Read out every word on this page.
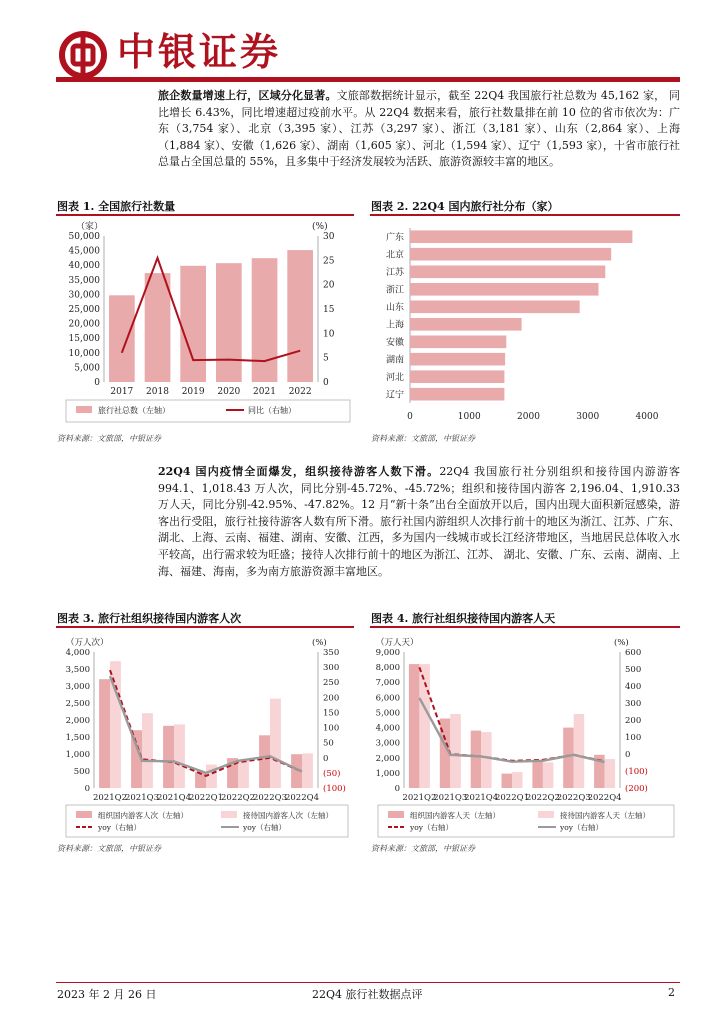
中银证券
旅企数量增速上行，区域分化显著。文旅部数据统计显示，截至 22Q4 我国旅行社总数为 45,162 家， 同比增长 6.43%，同比增速超过疫前水平。从 22Q4 数据来看，旅行社数量排在前 10 位的省市依次为：广东（3,754 家）、北京（3,395 家）、江苏（3,297 家）、浙江（3,181 家）、山东（2,864 家）、上海（1,884 家）、安徽（1,626 家）、湖南（1,605 家）、河北（1,594 家）、辽宁（1,593 家），十省市旅行社总量占全国总量的 55%，且多集中于经济发展较为活跃、旅游资源较丰富的地区。
图表 1. 全国旅行社数量
50,000
45,000
40,000
35,000
30,000
25,000
20,000
15,000
10,000
5,000
0
30
25
20
15
10
5
0
（家）	(%)
2017 2018 2019 2020 2021 2022
旅行社总数（左轴）	同比（右轴）
资料来源：文旅部，中银证券
图表 2. 22Q4 国内旅行社分布（家）
广东
北京
江苏
浙江
山东
上海
安徽
湖南
河北
辽宁
0	1000	2000	3000	4000
资料来源：文旅部，中银证券
22Q4 国内疫情全面爆发，组织接待游客人数下滑。22Q4 我国旅行社分别组织和接待国内游游客 994.1、1,018.43 万人次，同比分别-45.72%、-45.72%；组织和接待国内游客 2,196.04、1,910.33 万人天，同比分别-42.95%、-47.82%。12 月“新十条”出台全面放开以后，国内出现大面积新冠感染，游客出行受阻，旅行社接待游客人数有所下滑。旅行社国内游组织人次排行前十的地区为浙江、江苏、广东、湖北、上海、云南、福建、湖南、安徽、江西，多为国内一线城市或长江经济带地区，当地居民总体收入水平较高，出行需求较为旺盛；接待人次排行前十的地区为浙江、江苏、 湖北、安徽、广东、云南、湖南、上海、福建、海南，多为南方旅游资源丰富地区。
图表 3. 旅行社组织接待国内游客人次
4,000
3,500
3,000
2,500
2,000
1,500
1,000
500
0
350
300
250
200
150
100
50
0
(50)
(100)
（万人次）	(%)
2021Q2
2021Q3
2021Q4
2022Q1
2022Q2
2022Q3
2022Q4
组织国内游客人次（左轴）	接待国内游客人次（左轴）
yoy（右轴）	yoy（右轴）
资料来源：文旅部，中银证券
图表 4. 旅行社组织接待国内游客人天
9,000
8,000
7,000
6,000
5,000
4,000
3,000
2,000
1,000
0
600
500
400
300
200
100
0
(100)
(200)
（万人天）	(%)
2021Q2
2021Q3
2021Q4
2022Q1
2022Q2
2022Q3
2022Q4
组织国内游客人天（左轴）	接待国内游客人天（左轴）
yoy（右轴）	yoy（右轴）
资料来源：文旅部，中银证券
2023 年 2 月 26 日	22Q4 旅行社数据点评	2
